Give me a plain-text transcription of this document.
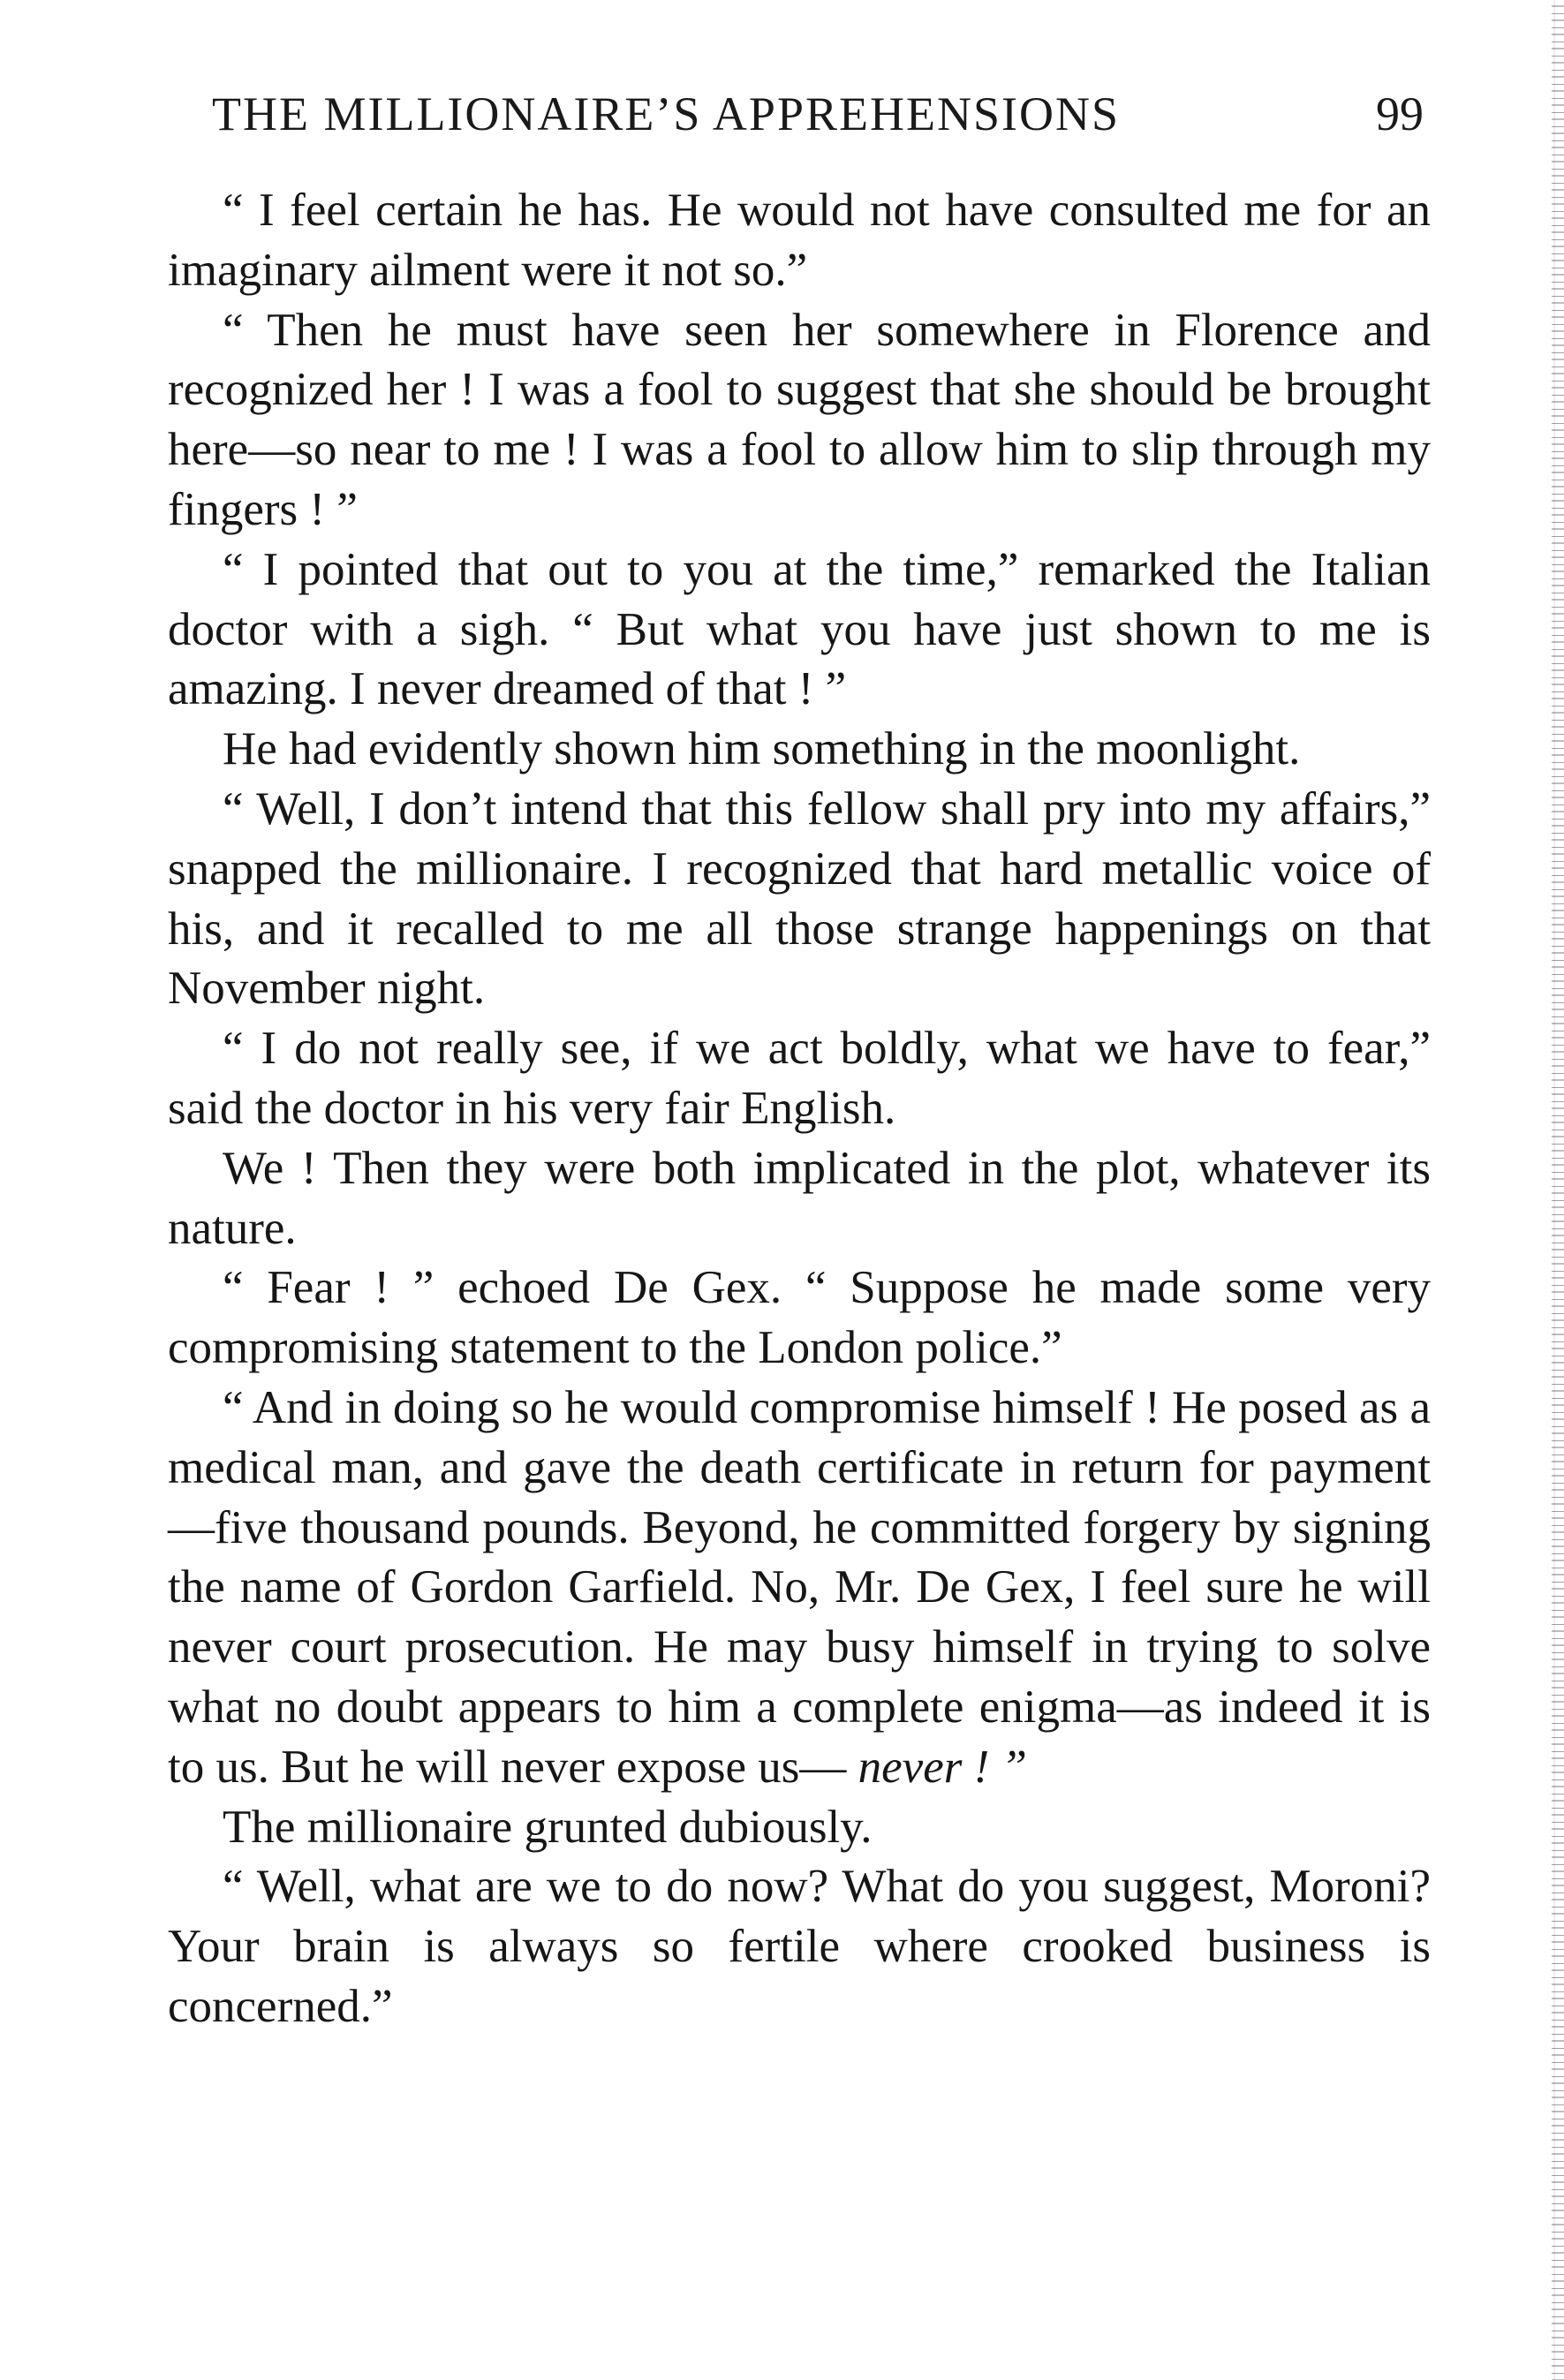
THE MILLIONAIRE’S APPREHENSIONS	99

“ I feel certain he has. He would not have consulted me for an imaginary ailment were it not so.”

“ Then he must have seen her somewhere in Florence and recognized her ! I was a fool to suggest that she should be brought here—so near to me ! I was a fool to allow him to slip through my fingers ! ”

“ I pointed that out to you at the time,” remarked the Italian doctor with a sigh. “ But what you have just shown to me is amazing. I never dreamed of that ! ”

He had evidently shown him something in the moonlight.

“ Well, I don’t intend that this fellow shall pry into my affairs,” snapped the millionaire. I recognized that hard metallic voice of his, and it recalled to me all those strange happenings on that November night.

“ I do not really see, if we act boldly, what we have to fear,” said the doctor in his very fair English.

We ! Then they were both implicated in the plot, whatever its nature.

“ Fear ! ” echoed De Gex. “ Suppose he made some very compromising statement to the London police.”

“ And in doing so he would compromise himself ! He posed as a medical man, and gave the death certificate in return for payment—five thousand pounds. Beyond, he committed forgery by signing the name of Gordon Garfield. No, Mr. De Gex, I feel sure he will never court prosecution. He may busy himself in trying to solve what no doubt appears to him a complete enigma—as indeed it is to us. But he will never expose us— never ! ”

The millionaire grunted dubiously.

“ Well, what are we to do now? What do you suggest, Moroni? Your brain is always so fertile where crooked business is concerned.”
